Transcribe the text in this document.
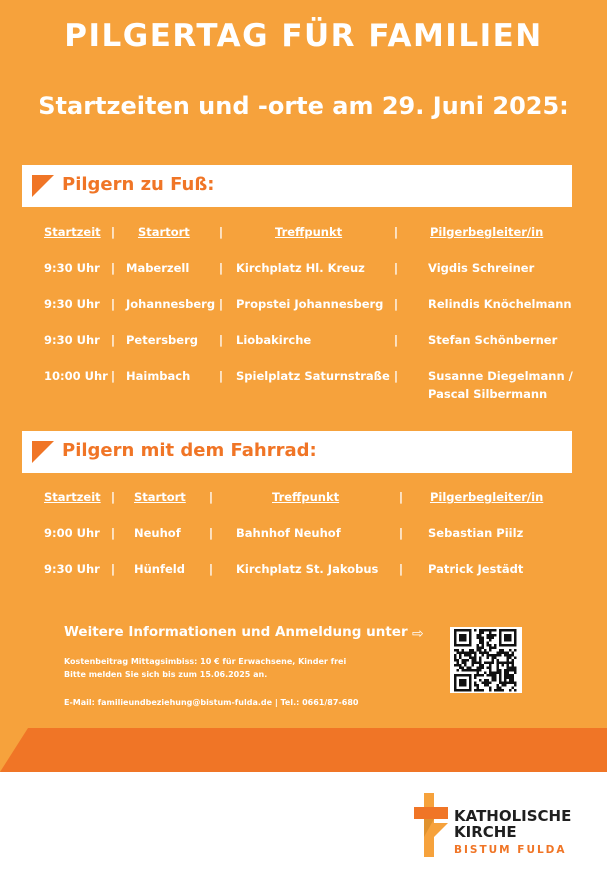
PILGERTAG FÜR FAMILIEN
Startzeiten und -orte am 29. Juni 2025:
Pilgern zu Fuß:
Startzeit | Startort	|	Treffpunkt	|	Pilgerbegleiter/in
9:30 Uhr | Maberzell	| Kirchplatz Hl. Kreuz	|	Vigdis Schreiner
9:30 Uhr | Johannesberg | Propstei Johannesberg |	Relindis Knöchelmann
9:30 Uhr | Petersberg | Liobakirche	|	Stefan Schönberner
10:00 Uhr | Haimbach | Spielplatz Saturnstraße |	Susanne Diegelmann /
Pascal Silbermann
Pilgern mit dem Fahrrad:
Startzeit | Startort |	Treffpunkt	| Pilgerbegleiter/in
9:00 Uhr | Neuhof | Bahnhof Neuhof	| Sebastian Piilz
9:30 Uhr | Hünfeld | Kirchplatz St. Jakobus | Patrick Jestädt
Weitere Informationen und Anmeldung unter ⇨
Kostenbeitrag Mittagsimbiss: 10 € für Erwachsene, Kinder frei
Bitte melden Sie sich bis zum 15.06.2025 an.
E-Mail: familieundbeziehung@bistum-fulda.de | Tel.: 0661/87-680
KATHOLISCHE
KIRCHE
BISTUM FULDA
